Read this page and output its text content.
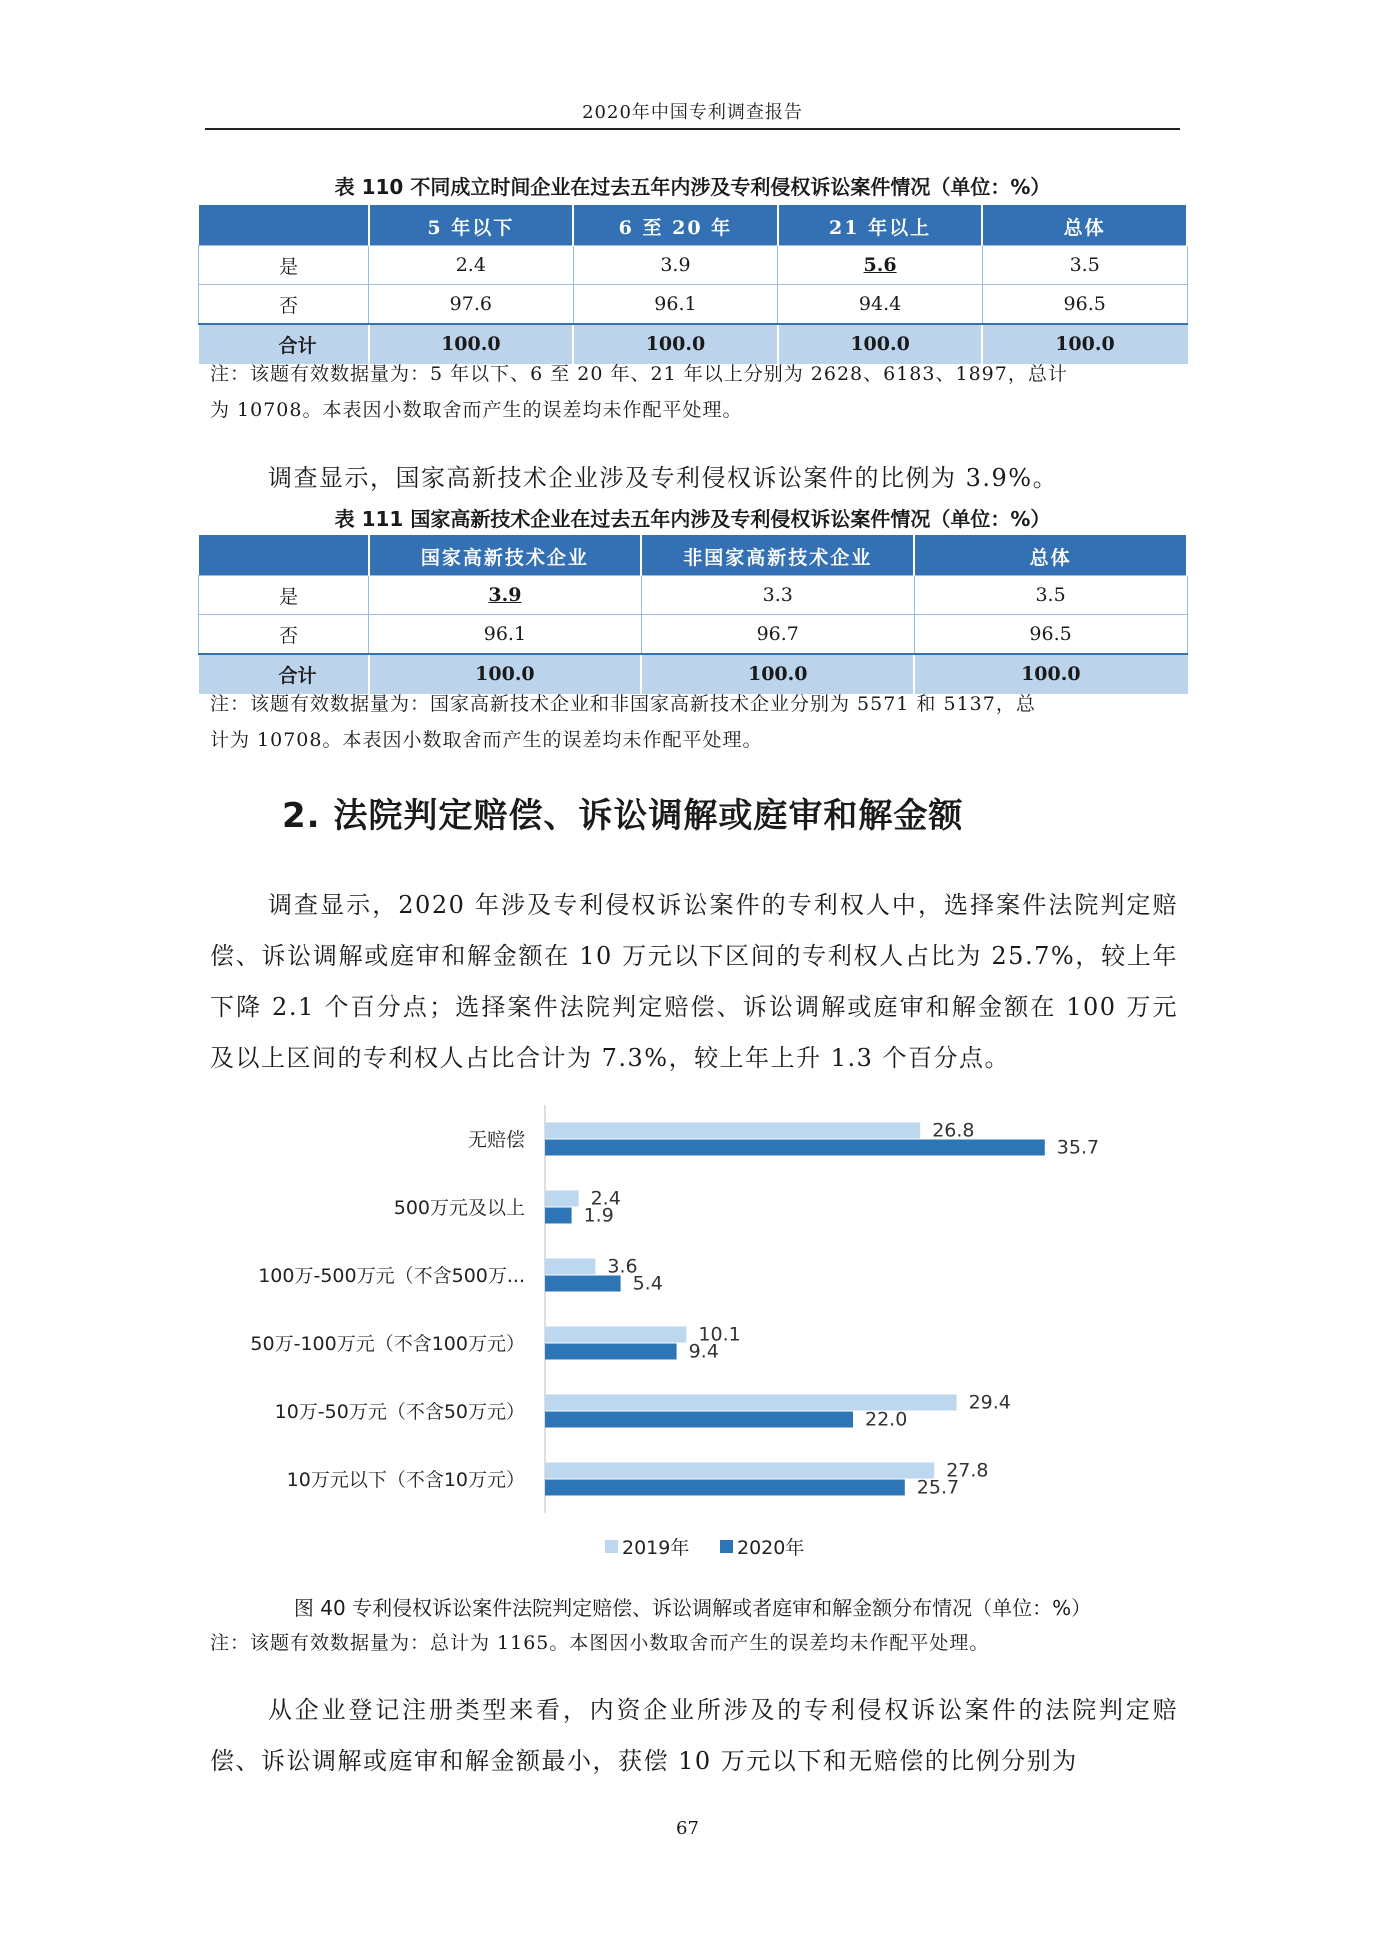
2020年中国专利调查报告
表 110 不同成立时间企业在过去五年内涉及专利侵权诉讼案件情况（单位：%）
	5 年以下	6 至 20 年	21 年以上	总体
是	2.4	3.9	5.6	3.5
否	97.6	96.1	94.4	96.5
合计	100.0	100.0	100.0	100.0
注：该题有效数据量为：5 年以下、6 至 20 年、21 年以上分别为 2628、6183、1897，总计
为 10708。本表因小数取舍而产生的误差均未作配平处理。
调查显示，国家高新技术企业涉及专利侵权诉讼案件的比例为 3.9%。
表 111 国家高新技术企业在过去五年内涉及专利侵权诉讼案件情况（单位：%）
	国家高新技术企业	非国家高新技术企业	总体
是	3.9	3.3	3.5
否	96.1	96.7	96.5
合计	100.0	100.0	100.0
注：该题有效数据量为：国家高新技术企业和非国家高新技术企业分别为 5571 和 5137，总
计为 10708。本表因小数取舍而产生的误差均未作配平处理。
2. 法院判定赔偿、诉讼调解或庭审和解金额
调查显示，2020 年涉及专利侵权诉讼案件的专利权人中，选择案件法院判定赔偿、诉讼调解或庭审和解金额在 10 万元以下区间的专利权人占比为 25.7%，较上年下降 2.1 个百分点；选择案件法院判定赔偿、诉讼调解或庭审和解金额在 100 万元及以上区间的专利权人占比合计为 7.3%，较上年上升 1.3 个百分点。
无赔偿
500万元及以上
100万-500万元（不含500万...
50万-100万元（不含100万元）
10万-50万元（不含50万元）
10万元以下（不含10万元）
26.8
35.7
2.4
1.9
3.6
5.4
10.1
9.4
29.4
22.0
27.8
25.7
2019年	2020年
图 40 专利侵权诉讼案件法院判定赔偿、诉讼调解或者庭审和解金额分布情况（单位：%）
注：该题有效数据量为：总计为 1165。本图因小数取舍而产生的误差均未作配平处理。
从企业登记注册类型来看，内资企业所涉及的专利侵权诉讼案件的法院判定赔偿、诉讼调解或庭审和解金额最小，获偿 10 万元以下和无赔偿的比例分别为
67
